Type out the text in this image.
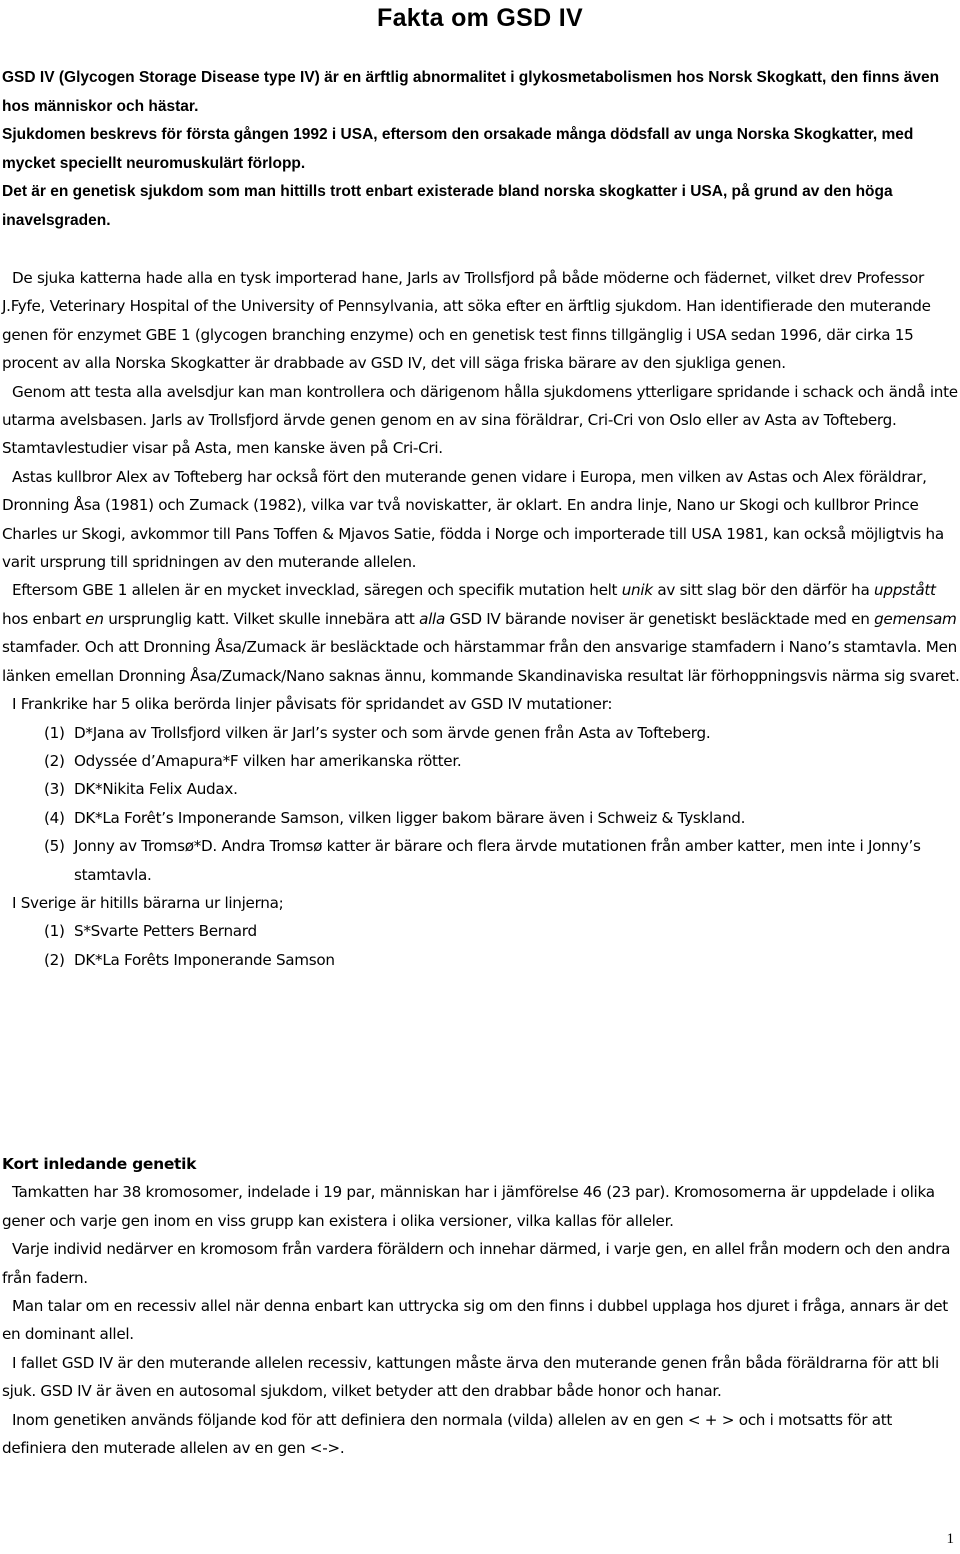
Fakta om GSD IV

GSD IV (Glycogen Storage Disease type IV) är en ärftlig abnormalitet i glykosmetabolismen hos Norsk Skogkatt, den finns även hos människor och hästar.

Sjukdomen beskrevs för första gången 1992 i USA, eftersom den orsakade många dödsfall av unga Norska Skogkatter, med mycket speciellt neuromuskulärt förlopp.

Det är en genetisk sjukdom som man hittills trott enbart existerade bland norska skogkatter i USA, på grund av den höga inavelsgraden.

De sjuka katterna hade alla en tysk importerad hane, Jarls av Trollsfjord på både möderne och fädernet, vilket drev Professor J.Fyfe, Veterinary Hospital of the University of Pennsylvania, att söka efter en ärftlig sjukdom. Han identifierade den muterande genen för enzymet GBE 1 (glycogen branching enzyme) och en genetisk test finns tillgänglig i USA sedan 1996, där cirka 15 procent av alla Norska Skogkatter är drabbade av GSD IV, det vill säga friska bärare av den sjukliga genen.

Genom att testa alla avelsdjur kan man kontrollera och därigenom hålla sjukdomens ytterligare spridande i schack och ändå inte utarma avelsbasen. Jarls av Trollsfjord ärvde genen genom en av sina föräldrar, Cri-Cri von Oslo eller av Asta av Tofteberg. Stamtavlestudier visar på Asta, men kanske även på Cri-Cri.

Astas kullbror Alex av Tofteberg har också fört den muterande genen vidare i Europa, men vilken av Astas och Alex föräldrar, Dronning Åsa (1981) och Zumack (1982), vilka var två noviskatter, är oklart. En andra linje, Nano ur Skogi och kullbror Prince Charles ur Skogi, avkommor till Pans Toffen & Mjavos Satie, födda i Norge och importerade till USA 1981, kan också möjligtvis ha varit ursprung till spridningen av den muterande allelen.

Eftersom GBE 1 allelen är en mycket invecklad, säregen och specifik mutation helt unik av sitt slag bör den därför ha uppstått hos enbart en ursprunglig katt. Vilket skulle innebära att alla GSD IV bärande noviser är genetiskt besläcktade med en gemensam stamfader. Och att Dronning Åsa/Zumack är besläcktade och härstammar från den ansvarige stamfadern i Nano’s stamtavla. Men länken emellan Dronning Åsa/Zumack/Nano saknas ännu, kommande Skandinaviska resultat lär förhoppningsvis närma sig svaret.

I Frankrike har 5 olika berörda linjer påvisats för spridandet av GSD IV mutationer:

(1) D*Jana av Trollsfjord vilken är Jarl’s syster och som ärvde genen från Asta av Tofteberg.
(2) Odyssée d’Amapura*F vilken har amerikanska rötter.
(3) DK*Nikita Felix Audax.
(4) DK*La Forêt’s Imponerande Samson, vilken ligger bakom bärare även i Schweiz & Tyskland.
(5) Jonny av Tromsø*D. Andra Tromsø katter är bärare och flera ärvde mutationen från amber katter, men inte i Jonny’s stamtavla.

I Sverige är hitills bärarna ur linjerna;

(1) S*Svarte Petters Bernard
(2) DK*La Forêts Imponerande Samson
Kort inledande genetik

Tamkatten har 38 kromosomer, indelade i 19 par, människan har i jämförelse 46 (23 par). Kromosomerna är uppdelade i olika gener och varje gen inom en viss grupp kan existera i olika versioner, vilka kallas för alleler.

Varje individ nedärver en kromosom från vardera föräldern och innehar därmed, i varje gen, en allel från modern och den andra från fadern.

Man talar om en recessiv allel när denna enbart kan uttrycka sig om den finns i dubbel upplaga hos djuret i fråga, annars är det en dominant allel.

I fallet GSD IV är den muterande allelen recessiv, kattungen måste ärva den muterande genen från båda föräldrarna för att bli sjuk. GSD IV är även en autosomal sjukdom, vilket betyder att den drabbar både honor och hanar.

Inom genetiken används följande kod för att definiera den normala (vilda) allelen av en gen < + > och i motsatts för att definiera den muterade allelen av en gen <->.

1
